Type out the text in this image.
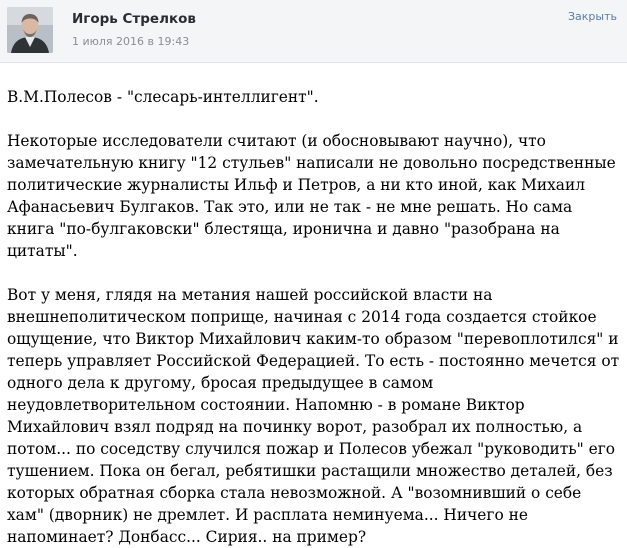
Игорь Стрелков
1 июля 2016 в 19:43
Закрыть

В.М.Полесов - "слесарь-интеллигент".

Некоторые исследователи считают (и обосновывают научно), что замечательную книгу "12 стульев" написали не довольно посредственные политические журналисты Ильф и Петров, а ни кто иной, как Михаил Афанасьевич Булгаков. Так это, или не так - не мне решать. Но сама книга "по-булгаковски" блестяща, иронична и давно "разобрана на цитаты".

Вот у меня, глядя на метания нашей российской власти на внешнеполитическом поприще, начиная с 2014 года создается стойкое ощущение, что Виктор Михайлович каким-то образом "перевоплотился" и теперь управляет Российской Федерацией. То есть - постоянно мечется от одного дела к другому, бросая предыдущее в самом неудовлетворительном состоянии. Напомню - в романе Виктор Михайлович взял подряд на починку ворот, разобрал их полностью, а потом... по соседству случился пожар и Полесов убежал "руководить" его тушением. Пока он бегал, ребятишки растащили множество деталей, без которых обратная сборка стала невозможной. А "возомнивший о себе хам" (дворник) не дремлет. И расплата неминуема... Ничего не напоминает? Донбасс... Сирия.. на пример?
